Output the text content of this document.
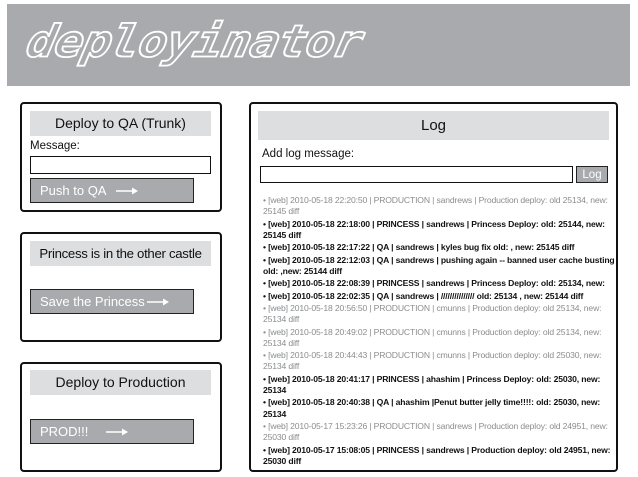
deployinator
Deploy to QA (Trunk)
Message:
Push to QA
Princess is in the other castle
Save the Princess
Deploy to Production
PROD!!!
Log
Add log message:
Log
• [web] 2010-05-18 22:20:50 | PRODUCTION | sandrews | Production deploy: old 25134, new: 25145 diff
• [web] 2010-05-18 22:18:00 | PRINCESS | sandrews | Princess Deploy: old: 25144, new: 25145 diff
• [web] 2010-05-18 22:17:22 | QA | sandrews | kyles bug fix old: , new: 25145 diff
• [web] 2010-05-18 22:12:03 | QA | sandrews | pushing again -- banned user cache busting old: ,new: 25144 diff
• [web] 2010-05-18 22:08:39 | PRINCESS | sandrews | Princess Deploy: old: 25134, new:
• [web] 2010-05-18 22:02:35 | QA | sandrews | /////////////// old: 25134 , new: 25144 diff
• [web] 2010-05-18 20:56:50 | PRODUCTION | cmunns | Production deploy: old 25134, new: 25134 diff
• [web] 2010-05-18 20:49:02 | PRODUCTION | cmunns | Production deploy: old 25134, new: 25134 diff
• [web] 2010-05-18 20:44:43 | PRODUCTION | cmunns | Production deploy: old 25030, new: 25134 diff
• [web] 2010-05-18 20:41:17 | PRINCESS | ahashim | Princess Deploy: old: 25030, new: 25134
• [web] 2010-05-18 20:40:38 | QA | ahashim |Penut butter jelly time!!!!: old: 25030, new: 25134
• [web] 2010-05-17 15:23:26 | PRODUCTION | sandrews | Production deploy: old 24951, new: 25030 diff
• [web] 2010-05-17 15:08:05 | PRINCESS | sandrews | Production deploy: old 24951, new: 25030 diff
